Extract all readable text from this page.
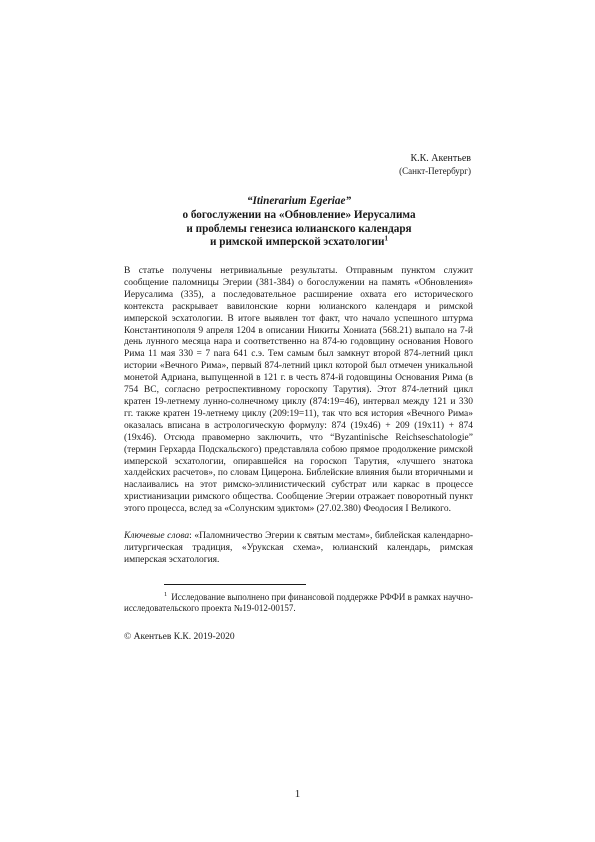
К.К. Акентьев
(Санкт-Петербург)
“Itinerarium Egeriae”
о богослужении на «Обновление» Иерусалима
и проблемы генезиса юлианского календаря
и римской имперской эсхатологии$^1$

В статье получены нетривиальные результаты. Отправным пунктом служит сообщение паломницы Эгерии (381-384) о богослужении на память «Обновления» Иерусалима (335), а последовательное расширение охвата его исторического контекста раскрывает вавилонские корни юлианского календаря и римской имперской эсхатологии. В итоге выявлен тот факт, что начало успешного штурма Константинополя 9 апреля 1204 в описании Никиты Хониата (568.21) выпало на 7-й день лунного месяца нара и соответственно на 874-ю годовщину основания Нового Рима 11 мая 330 = 7 nara 641 с.э. Тем самым был замкнут второй 874-летний цикл истории «Вечного Рима», первый 874-летний цикл которой был отмечен уникальной монетой Адриана, выпущенной в 121 г. в честь 874-й годовщины Основания Рима (в 754 BC, согласно ретроспективному гороскопу Тарутия). Этот 874-летний цикл кратен 19-летнему лунно-солнечному циклу (874:19=46), интервал между 121 и 330 гг. также кратен 19-летнему циклу (209:19=11), так что вся история «Вечного Рима» оказалась вписана в астрологическую формулу: 874 (19x46) + 209 (19x11) + 874 (19x46). Отсюда правомерно заключить, что “Byzantinische Reichseschatologie” (термин Герхарда Подскальского) представляла собою прямое продолжение римской имперской эсхатологии, опиравшейся на гороскоп Тарутия, «лучшего знатока халдейских расчетов», по словам Цицерона. Библейские влияния были вторичными и наслаивались на этот римско-эллинистический субстрат или каркас в процессе христианизации римского общества. Сообщение Эгерии отражает поворотный пункт этого процесса, вслед за «Солунским эдиктом» (27.02.380) Феодосия I Великого.

Ключевые слова: «Паломничество Эгерии к святым местам», библейская календарно-литургическая традиция, «Урукская схема», юлианский календарь, римская имперская эсхатология.
$^1$ Исследование выполнено при финансовой поддержке РФФИ в рамках научно-исследовательского проекта №19-012-00157.
© Акентьев К.К. 2019-2020
1
